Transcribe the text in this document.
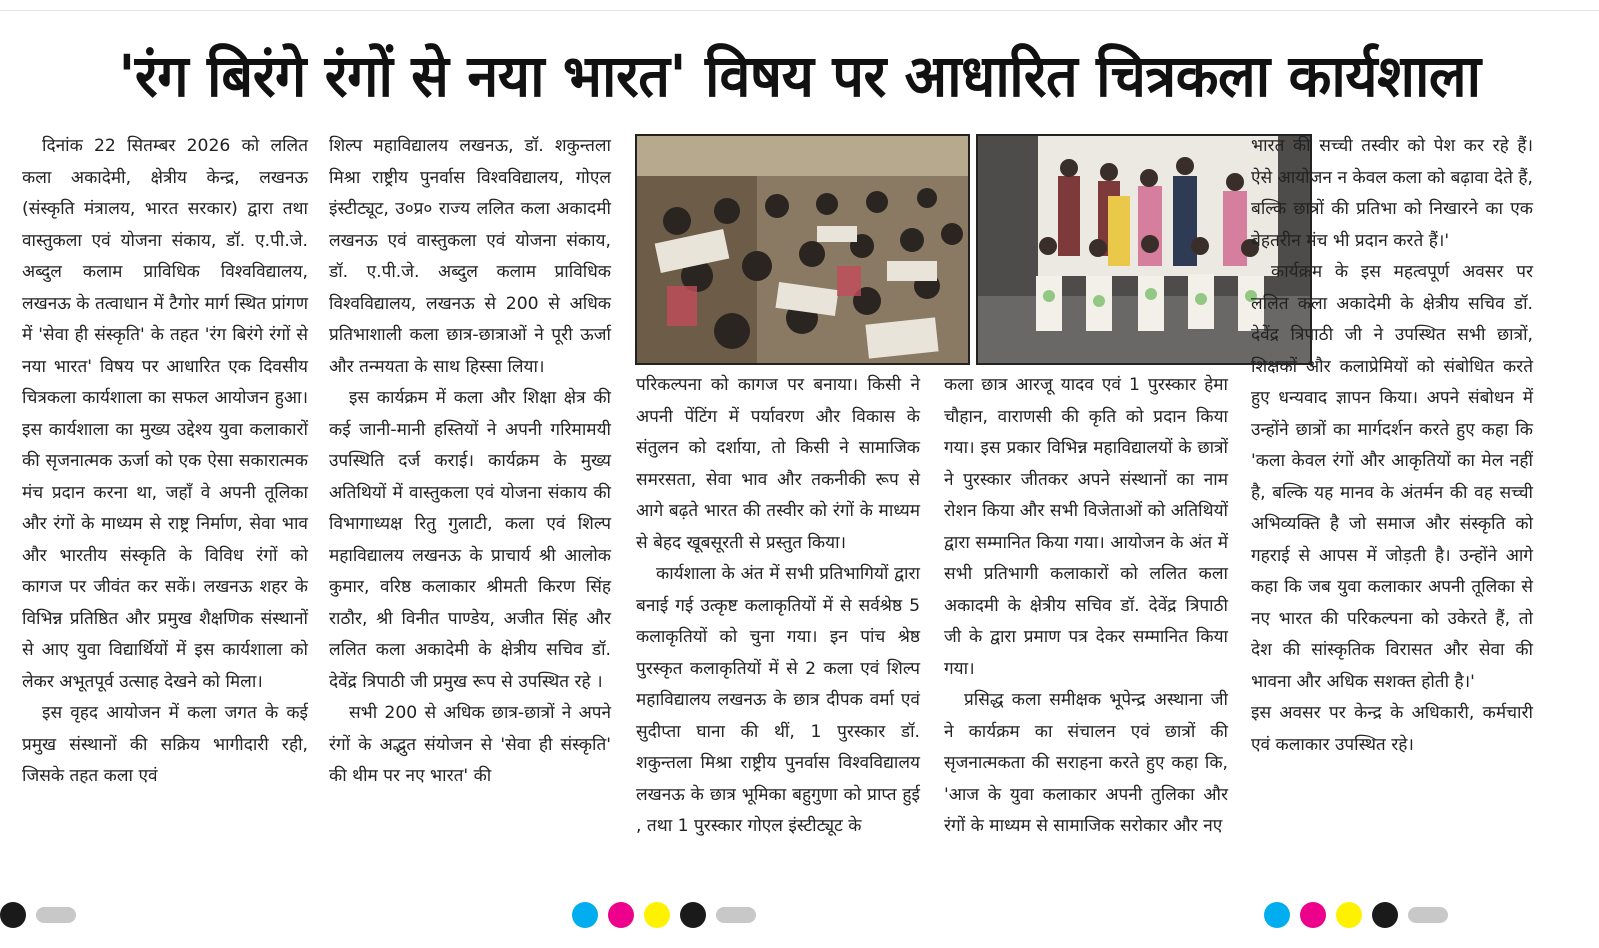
'रंग बिरंगे रंगों से नया भारत' विषय पर आधारित चित्रकला कार्यशाला

दिनांक 22 सितम्बर 2026 को ललित कला अकादेमी, क्षेत्रीय केन्द्र, लखनऊ (संस्कृति मंत्रालय, भारत सरकार) द्वारा तथा वास्तुकला एवं योजना संकाय, डॉ. ए.पी.जे. अब्दुल कलाम प्राविधिक विश्वविद्यालय, लखनऊ के तत्वाधान में टैगोर मार्ग स्थित प्रांगण में 'सेवा ही संस्कृति' के तहत 'रंग बिरंगे रंगों से नया भारत' विषय पर आधारित एक दिवसीय चित्रकला कार्यशाला का सफल आयोजन हुआ। इस कार्यशाला का मुख्य उद्देश्य युवा कलाकारों की सृजनात्मक ऊर्जा को एक ऐसा सकारात्मक मंच प्रदान करना था, जहाँ वे अपनी तूलिका और रंगों के माध्यम से राष्ट्र निर्माण, सेवा भाव और भारतीय संस्कृति के विविध रंगों को कागज पर जीवंत कर सकें। लखनऊ शहर के विभिन्न प्रतिष्ठित और प्रमुख शैक्षणिक संस्थानों से आए युवा विद्यार्थियों में इस कार्यशाला को लेकर अभूतपूर्व उत्साह देखने को मिला।

इस वृहद आयोजन में कला जगत के कई प्रमुख संस्थानों की सक्रिय भागीदारी रही, जिसके तहत कला एवं

शिल्प महाविद्यालय लखनऊ, डॉ. शकुन्तला मिश्रा राष्ट्रीय पुनर्वास विश्वविद्यालय, गोएल इंस्टीट्यूट, उ०प्र० राज्य ललित कला अकादमी लखनऊ एवं वास्तुकला एवं योजना संकाय, डॉ. ए.पी.जे. अब्दुल कलाम प्राविधिक विश्वविद्यालय, लखनऊ से 200 से अधिक प्रतिभाशाली कला छात्र-छात्राओं ने पूरी ऊर्जा और तन्मयता के साथ हिस्सा लिया।

इस कार्यक्रम में कला और शिक्षा क्षेत्र की कई जानी-मानी हस्तियों ने अपनी गरिमामयी उपस्थिति दर्ज कराई। कार्यक्रम के मुख्य अतिथियों में वास्तुकला एवं योजना संकाय की विभागाध्यक्ष रितु गुलाटी, कला एवं शिल्प महाविद्यालय लखनऊ के प्राचार्य श्री आलोक कुमार, वरिष्ठ कलाकार श्रीमती किरण सिंह राठौर, श्री विनीत पाण्डेय, अजीत सिंह और ललित कला अकादेमी के क्षेत्रीय सचिव डॉ. देवेंद्र त्रिपाठी जी प्रमुख रूप से उपस्थित रहे ।

सभी 200 से अधिक छात्र-छात्रों ने अपने रंगों के अद्भुत संयोजन से 'सेवा ही संस्कृति' की थीम पर नए भारत' की

परिकल्पना को कागज पर बनाया। किसी ने अपनी पेंटिंग में पर्यावरण और विकास के संतुलन को दर्शाया, तो किसी ने सामाजिक समरसता, सेवा भाव और तकनीकी रूप से आगे बढ़ते भारत की तस्वीर को रंगों के माध्यम से बेहद खूबसूरती से प्रस्तुत किया।

कार्यशाला के अंत में सभी प्रतिभागियों द्वारा बनाई गई उत्कृष्ट कलाकृतियों में से सर्वश्रेष्ठ 5 कलाकृतियों को चुना गया। इन पांच श्रेष्ठ पुरस्कृत कलाकृतियों में से 2 कला एवं शिल्प महाविद्यालय लखनऊ के छात्र दीपक वर्मा एवं सुदीप्ता घाना की थीं, 1 पुरस्कार डॉ. शकुन्तला मिश्रा राष्ट्रीय पुनर्वास विश्वविद्यालय लखनऊ के छात्र भूमिका बहुगुणा को प्राप्त हुई , तथा 1 पुरस्कार गोएल इंस्टीट्यूट के

कला छात्र आरजू यादव एवं 1 पुरस्कार हेमा चौहान, वाराणसी की कृति को प्रदान किया गया। इस प्रकार विभिन्न महाविद्यालयों के छात्रों ने पुरस्कार जीतकर अपने संस्थानों का नाम रोशन किया और सभी विजेताओं को अतिथियों द्वारा सम्मानित किया गया। आयोजन के अंत में सभी प्रतिभागी कलाकारों को ललित कला अकादमी के क्षेत्रीय सचिव डॉ. देवेंद्र त्रिपाठी जी के द्वारा प्रमाण पत्र देकर सम्मानित किया गया।

प्रसिद्ध कला समीक्षक भूपेन्द्र अस्थाना जी ने कार्यक्रम का संचालन एवं छात्रों की सृजनात्मकता की सराहना करते हुए कहा कि, 'आज के युवा कलाकार अपनी तुलिका और रंगों के माध्यम से सामाजिक सरोकार और नए

भारत की सच्ची तस्वीर को पेश कर रहे हैं। ऐसे आयोजन न केवल कला को बढ़ावा देते हैं, बल्कि छात्रों की प्रतिभा को निखारने का एक बेहतरीन मंच भी प्रदान करते हैं।'

कार्यक्रम के इस महत्वपूर्ण अवसर पर ललित कला अकादेमी के क्षेत्रीय सचिव डॉ. देवेंद्र त्रिपाठी जी ने उपस्थित सभी छात्रों, शिक्षकों और कलाप्रेमियों को संबोधित करते हुए धन्यवाद ज्ञापन किया। अपने संबोधन में उन्होंने छात्रों का मार्गदर्शन करते हुए कहा कि 'कला केवल रंगों और आकृतियों का मेल नहीं है, बल्कि यह मानव के अंतर्मन की वह सच्ची अभिव्यक्ति है जो समाज और संस्कृति को गहराई से आपस में जोड़ती है। उन्होंने आगे कहा कि जब युवा कलाकार अपनी तूलिका से नए भारत की परिकल्पना को उकेरते हैं, तो देश की सांस्कृतिक विरासत और सेवा की भावना और अधिक सशक्त होती है।'

इस अवसर पर केन्द्र के अधिकारी, कर्मचारी एवं कलाकार उपस्थित रहे।
